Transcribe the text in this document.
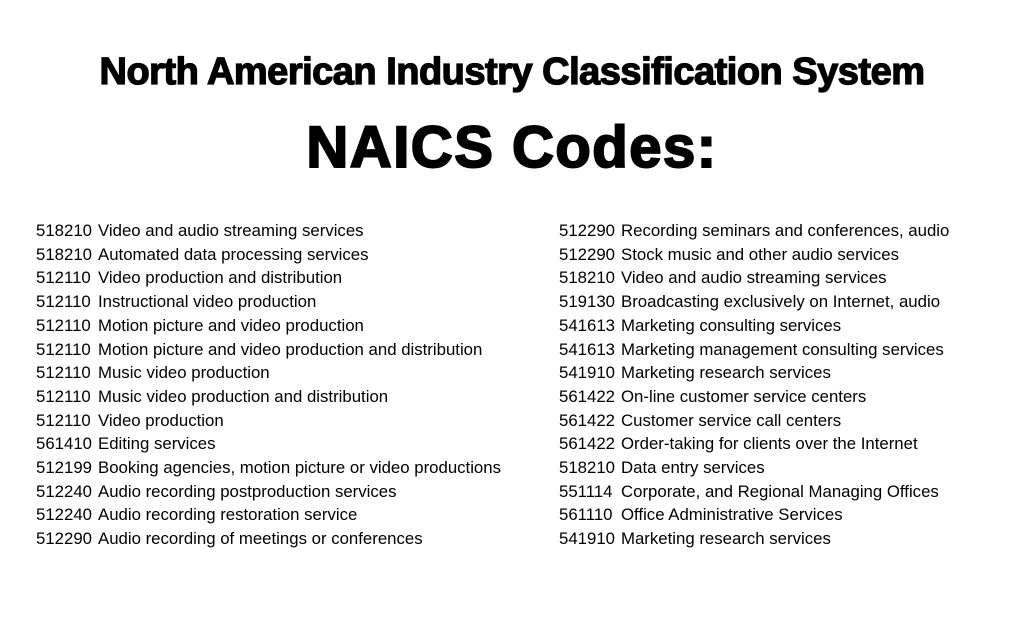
North American Industry Classification System
NAICS Codes:
518210 Video and audio streaming services
518210 Automated data processing services
512110 Video production and distribution
512110 Instructional video production
512110 Motion picture and video production
512110 Motion picture and video production and distribution
512110 Music video production
512110 Music video production and distribution
512110 Video production
561410 Editing services
512199 Booking agencies, motion picture or video productions
512240 Audio recording postproduction services
512240 Audio recording restoration service
512290 Audio recording of meetings or conferences
512290 Recording seminars and conferences, audio
512290 Stock music and other audio services
518210 Video and audio streaming services
519130 Broadcasting exclusively on Internet, audio
541613 Marketing consulting services
541613 Marketing management consulting services
541910 Marketing research services
561422 On-line customer service centers
561422 Customer service call centers
561422 Order-taking for clients over the Internet
518210 Data entry services
551114 Corporate, and Regional Managing Offices
561110 Office Administrative Services
541910 Marketing research services
